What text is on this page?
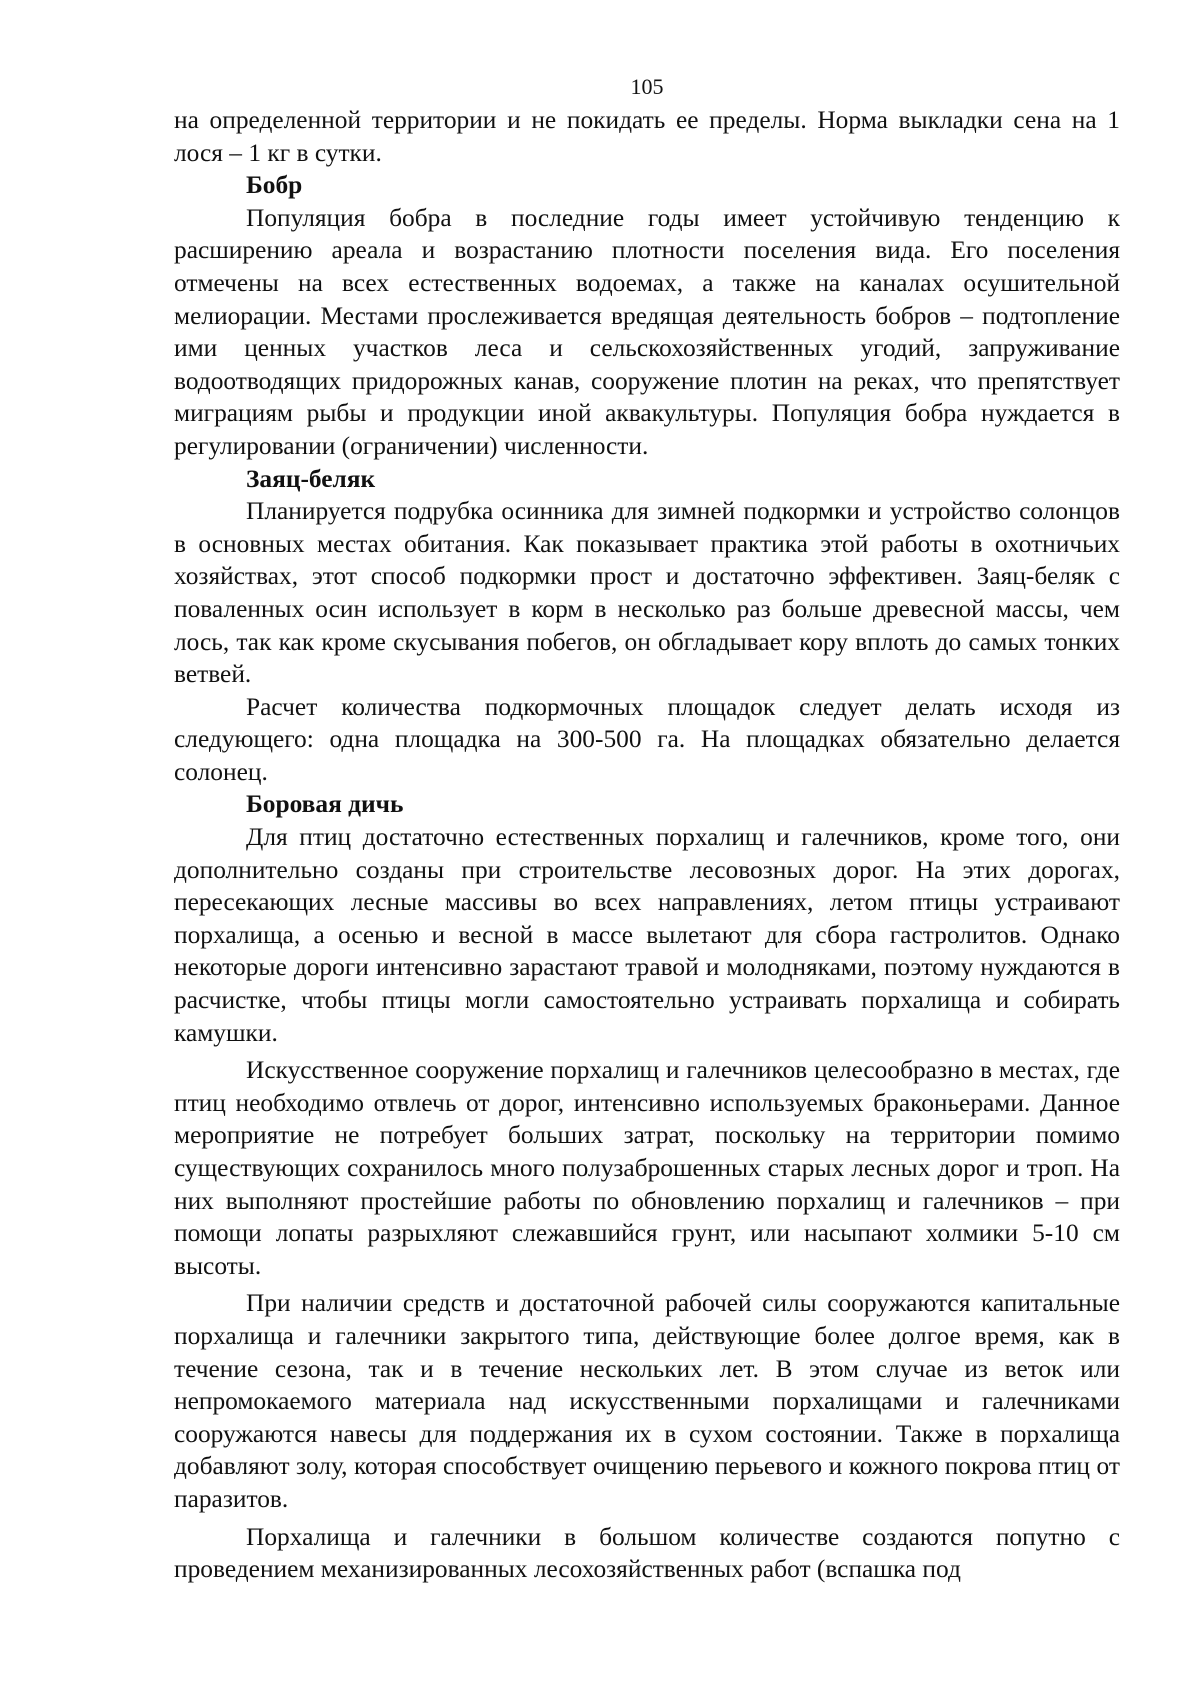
105

на определенной территории и не покидать ее пределы. Норма выкладки сена на 1 лося – 1 кг в сутки.

Бобр

Популяция бобра в последние годы имеет устойчивую тенденцию к расширению ареала и возрастанию плотности поселения вида. Его поселения отмечены на всех естественных водоемах, а также на каналах осушительной мелиорации. Местами прослеживается вредящая деятельность бобров – подтопление ими ценных участков леса и сельскохозяйственных угодий, запруживание водоотводящих придорожных канав, сооружение плотин на реках, что препятствует миграциям рыбы и продукции иной аквакультуры. Популяция бобра нуждается в регулировании (ограничении) численности.

Заяц-беляк

Планируется подрубка осинника для зимней подкормки и устройство солонцов в основных местах обитания. Как показывает практика этой работы в охотничьих хозяйствах, этот способ подкормки прост и достаточно эффективен. Заяц-беляк с поваленных осин использует в корм в несколько раз больше древесной массы, чем лось, так как кроме скусывания побегов, он обгладывает кору вплоть до самых тонких ветвей.

Расчет количества подкормочных площадок следует делать исходя из следующего: одна площадка на 300-500 га. На площадках обязательно делается солонец.

Боровая дичь

Для птиц достаточно естественных порхалищ и галечников, кроме того, они дополнительно созданы при строительстве лесовозных дорог. На этих дорогах, пересекающих лесные массивы во всех направлениях, летом птицы устраивают порхалища, а осенью и весной в массе вылетают для сбора гастролитов. Однако некоторые дороги интенсивно зарастают травой и молодняками, поэтому нуждаются в расчистке, чтобы птицы могли самостоятельно устраивать порхалища и собирать камушки.

Искусственное сооружение порхалищ и галечников целесообразно в местах, где птиц необходимо отвлечь от дорог, интенсивно используемых браконьерами. Данное мероприятие не потребует больших затрат, поскольку на территории помимо существующих сохранилось много полузаброшенных старых лесных дорог и троп. На них выполняют простейшие работы по обновлению порхалищ и галечников – при помощи лопаты разрыхляют слежавшийся грунт, или насыпают холмики 5-10 см высоты.

При наличии средств и достаточной рабочей силы сооружаются капитальные порхалища и галечники закрытого типа, действующие более долгое время, как в течение сезона, так и в течение нескольких лет. В этом случае из веток или непромокаемого материала над искусственными порхалищами и галечниками сооружаются навесы для поддержания их в сухом состоянии. Также в порхалища добавляют золу, которая способствует очищению перьевого и кожного покрова птиц от паразитов.

Порхалища и галечники в большом количестве создаются попутно с проведением механизированных лесохозяйственных работ (вспашка под
